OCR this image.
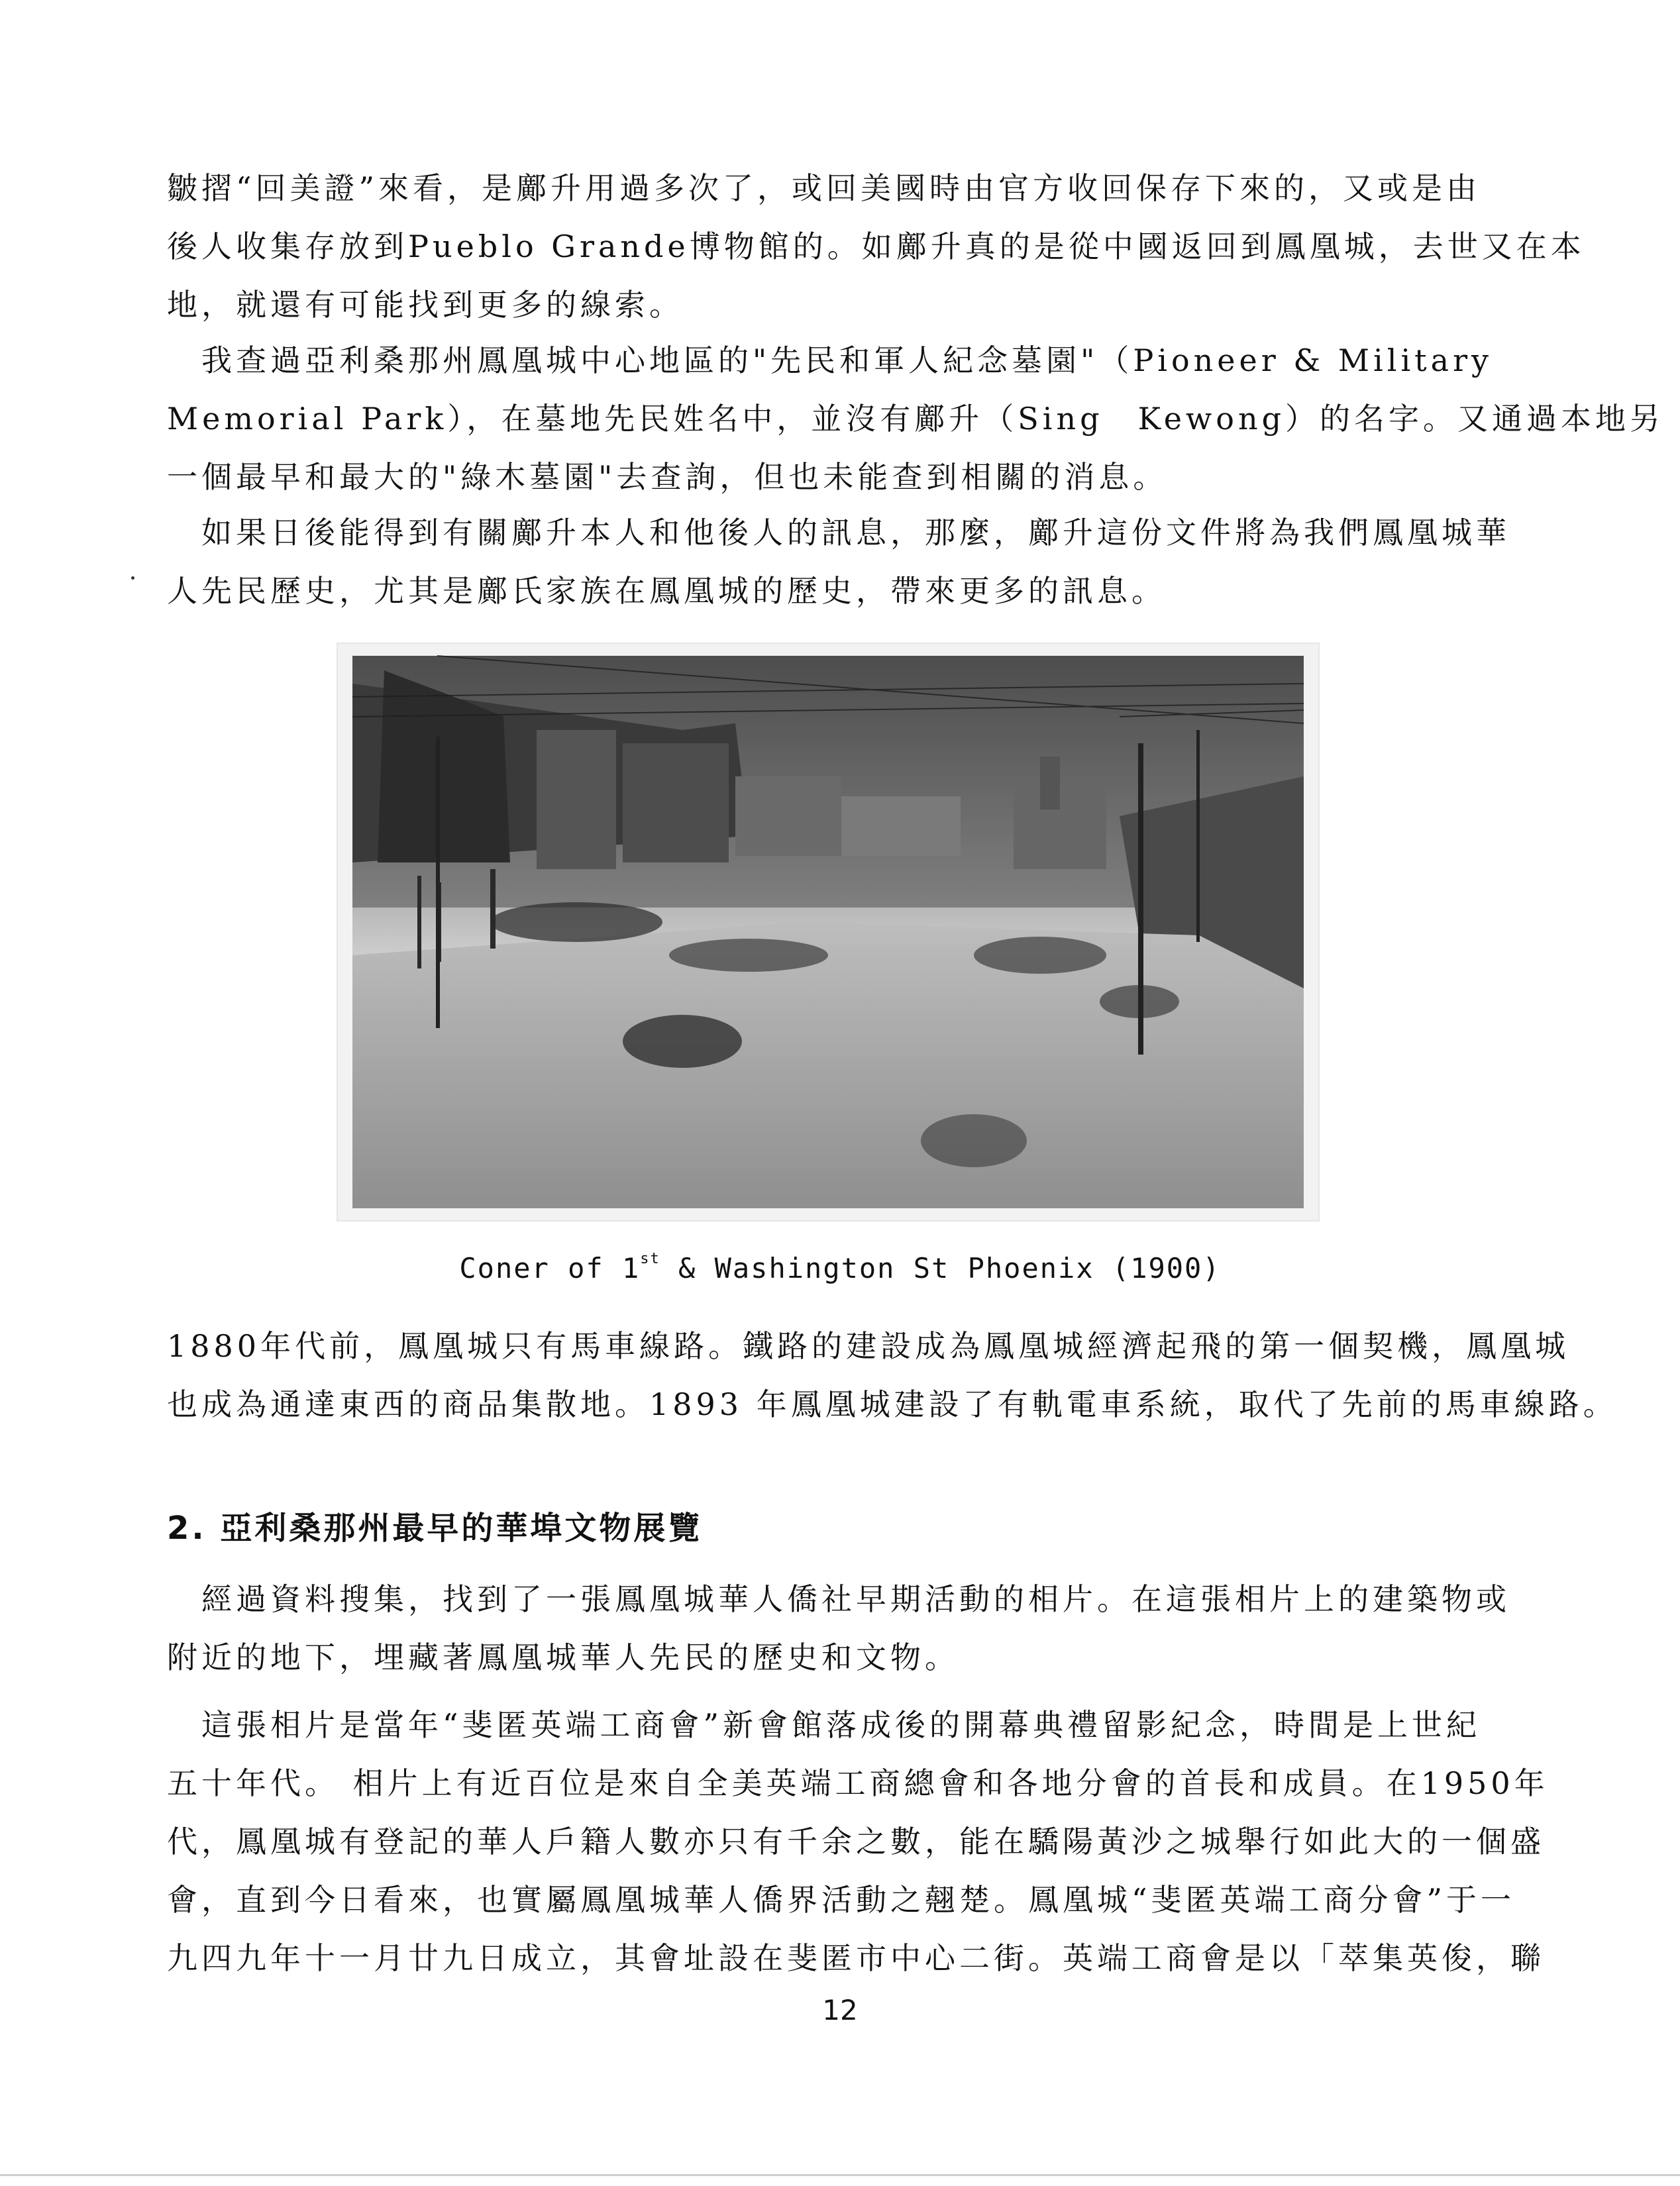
皺摺“回美證”來看，是鄺升用過多次了，或回美國時由官方收回保存下來的，又或是由
後人收集存放到Pueblo Grande博物館的。如鄺升真的是從中國返回到鳳凰城，去世又在本
地，就還有可能找到更多的線索。
　我查過亞利桑那州鳳凰城中心地區的"先民和軍人紀念墓園"（Pioneer & Military
Memorial Park），在墓地先民姓名中，並沒有鄺升（Sing　Kewong）的名字。又通過本地另
一個最早和最大的"綠木墓園"去查詢，但也未能查到相關的消息。
　如果日後能得到有關鄺升本人和他後人的訊息，那麼，鄺升這份文件將為我們鳳凰城華
人先民歷史，尤其是鄺氏家族在鳳凰城的歷史，帶來更多的訊息。
Coner of 1st & Washington St Phoenix (1900)
1880年代前，鳳凰城只有馬車線路。鐵路的建設成為鳳凰城經濟起飛的第一個契機，鳳凰城
也成為通達東西的商品集散地。1893 年鳳凰城建設了有軌電車系統，取代了先前的馬車線路。
2. 亞利桑那州最早的華埠文物展覽
　經過資料搜集，找到了一張鳳凰城華人僑社早期活動的相片。在這張相片上的建築物或
附近的地下，埋藏著鳳凰城華人先民的歷史和文物。
　這張相片是當年“斐匿英端工商會”新會館落成後的開幕典禮留影紀念，時間是上世紀
五十年代。 相片上有近百位是來自全美英端工商總會和各地分會的首長和成員。在1950年
代，鳳凰城有登記的華人戶籍人數亦只有千余之數，能在驕陽黃沙之城舉行如此大的一個盛
會，直到今日看來，也實屬鳳凰城華人僑界活動之翹楚。鳳凰城“斐匿英端工商分會”于一
九四九年十一月廿九日成立，其會址設在斐匿市中心二街。英端工商會是以「萃集英俊，聯
12
